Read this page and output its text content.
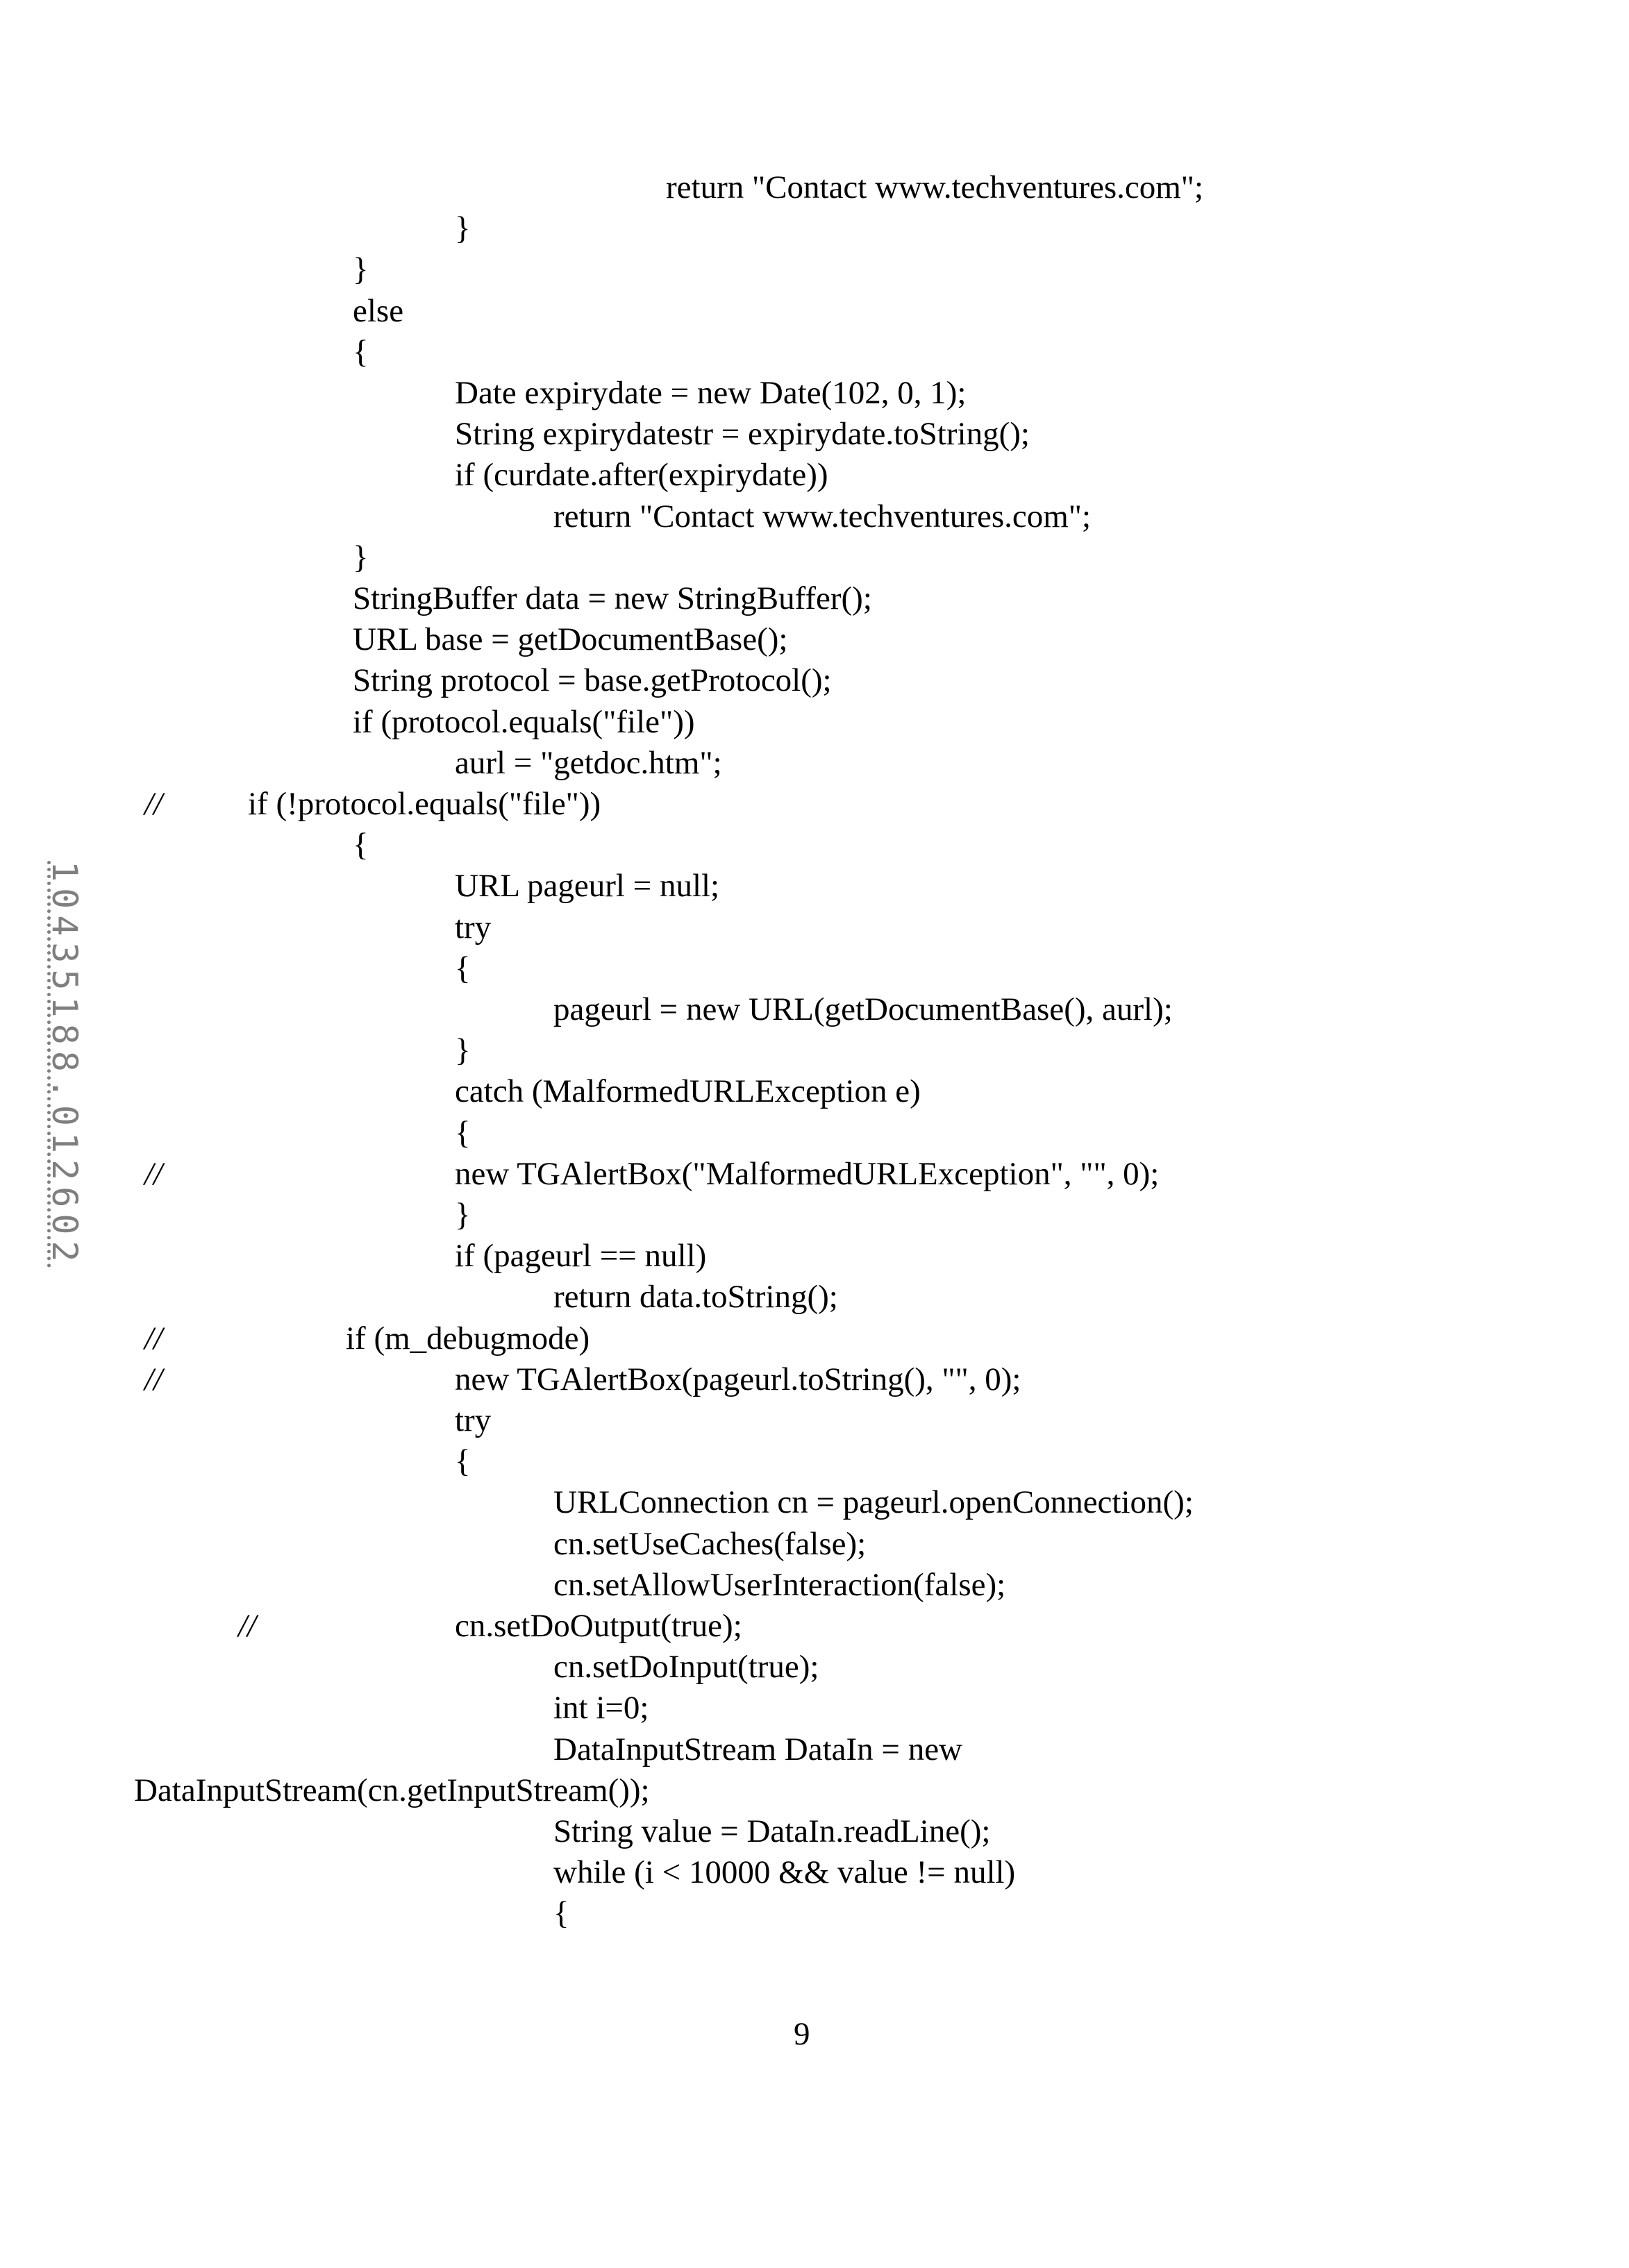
return "Contact www.techventures.com";
}
}
else
{
Date expirydate = new Date(102, 0, 1);
String expirydatestr = expirydate.toString();
if (curdate.after(expirydate))
return "Contact www.techventures.com";
}
StringBuffer data = new StringBuffer();
URL base = getDocumentBase();
String protocol = base.getProtocol();
if (protocol.equals("file"))
aurl = "getdoc.htm";
if (!protocol.equals("file"))
//
{
URL pageurl = null;
try
{
pageurl = new URL(getDocumentBase(), aurl);
}
catch (MalformedURLException e)
{
new TGAlertBox("MalformedURLException", "", 0);
//
}
if (pageurl == null)
return data.toString();
if (m_debugmode)
//
new TGAlertBox(pageurl.toString(), "", 0);
//
try
{
URLConnection cn = pageurl.openConnection();
cn.setUseCaches(false);
cn.setAllowUserInteraction(false);
cn.setDoOutput(true);
//
cn.setDoInput(true);
int i=0;
DataInputStream DataIn = new
DataInputStream(cn.getInputStream());
String value = DataIn.readLine();
while (i < 10000 && value != null)
{
9
10435188.012602
